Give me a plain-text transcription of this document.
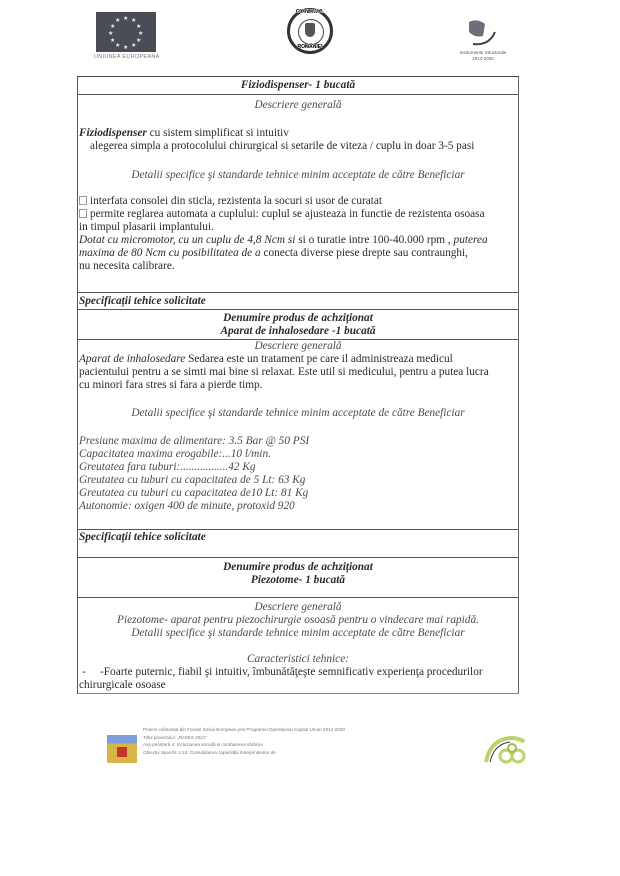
★ ★
★
★
★
★
★
★
★
★
★
★
UNIUNEA EUROPEANA
GUVERNUL
ROMÂNIEI
Instrumente Structurale
2014-2020
Fiziodispenser- 1 bucată
Descriere generală
Fiziodispenser cu sistem simplificat si intuitiv
alegerea simpla a protocolului chirurgical si setarile de viteza / cuplu in doar 3-5 pasi
Detalii specifice şi standarde tehnice minim acceptate de către Beneficiar
interfata consolei din sticla, rezistenta la socuri si usor de curatat
permite reglarea automata a cuplului: cuplul se ajusteaza in functie de rezistenta osoasa
in timpul plasarii implantului.
Dotat cu micromotor, cu un cuplu de 4,8 Ncm si si o turatie intre 100-40.000 rpm , puterea
maxima de 80 Ncm cu posibilitatea de a conecta diverse piese drepte sau contraunghi,
nu necesita calibrare.
Specificații tehice solicitate
Denumire produs de achziționat
Aparat de inhalosedare -1 bucată
Descriere generală
Aparat de inhalosedare Sedarea este un tratament pe care il administreaza medicul
pacientului pentru a se simti mai bine si relaxat. Este util si medicului, pentru a putea lucra
cu minori fara stres si fara a pierde timp.
Detalii specifice şi standarde tehnice minim acceptate de către Beneficiar
Presiune maxima de alimentare: 3.5 Bar @ 50 PSI
Capacitatea maxima erogabile:...10 l/min.
Greutatea fara tuburi:.................42 Kg
Greutatea cu tuburi cu capacitatea de 5 Lt: 63 Kg
Greutatea cu tuburi cu capacitatea de10 Lt: 81 Kg
Autonomie: oxigen 400 de minute, protoxid 920
Specificații tehice solicitate
Denumire produs de achziționat
Piezotome- 1 bucată
Descriere generală
Piezotome- aparat pentru piezochirurgie osoasă pentru o vindecare mai rapidă.
Detalii specifice şi standarde tehnice minim acceptate de către Beneficiar
Caracteristici tehnice:
- -Foarte puternic, fiabil şi intuitiv, îmbunătăţeşte semnificativ experienţa procedurilor
chirurgicale osoase
Proiect cofinanțat din Fondul Social European prin Programul Operațional Capital Uman 2014-2020
Titlul proiectului: „ReSES 2021”
Axa prioritară 4: Incluziunea socială și combaterea sărăciei
Obiectiv Specific 4.16: Consolidarea capacității întreprinderilor de
